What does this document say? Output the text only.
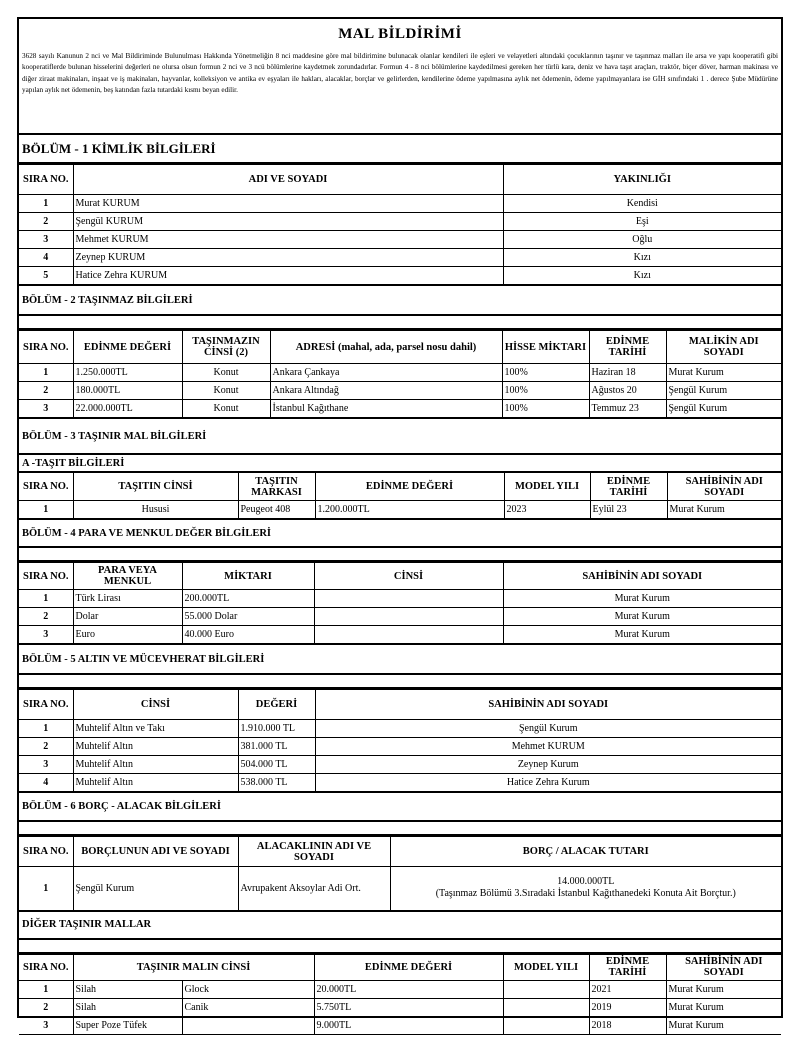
MAL BİLDİRİMİ
3628 sayılı Kanunun 2 nci ve Mal Bildiriminde Bulunulması Hakkında Yönetmeliğin 8 nci maddesine göre mal bildirimine bulunacak olanlar kendileri ile eşleri ve velayetleri altındaki çocuklarının taşınır ve taşınmaz malları ile arsa ve yapı kooperatifi gibi kooperatiflerde bulunan hisselerini değerleri ne olursa olsun formun 2 nci ve 3 ncü bölümlerine kaydetmek zorundadırlar. Formun 4 - 8 nci bölümlerine kaydedilmesi gereken her türlü kara, deniz ve hava taşıt araçları, traktör, biçer döver, harman makinası ve diğer ziraat makinaları, inşaat ve iş makinaları, hayvanlar, kolleksiyon ve antika ev eşyaları ile hakları, alacaklar, borçlar ve gelirlerden, kendilerine ödeme yapılmasına aylık net ödemenin, ödeme yapılmayanlara ise GİH sınıfındaki 1 . derece Şube Müdürüne yapılan aylık net ödemenin, beş katından fazla tutardaki kısmı beyan edilir.
BÖLÜM - 1 KİMLİK BİLGİLERİ
SIRA NO.	ADI VE SOYADI	YAKINLIĞI
1	Murat KURUM	Kendisi
2	Şengül KURUM	Eşi
3	Mehmet KURUM	Oğlu
4	Zeynep KURUM	Kızı
5	Hatice Zehra KURUM	Kızı
BÖLÜM - 2 TAŞINMAZ BİLGİLERİ
SIRA NO.	EDİNME DEĞERİ	TAŞINMAZIN CİNSİ (2)	ADRESİ (mahal, ada, parsel nosu dahil)	HİSSE MİKTARI	EDİNME TARİHİ	MALİKİN ADI SOYADI
1	1.250.000TL	Konut	Ankara Çankaya	100%	Haziran 18	Murat Kurum
2	180.000TL	Konut	Ankara Altındağ	100%	Ağustos 20	Şengül Kurum
3	22.000.000TL	Konut	İstanbul Kağıthane	100%	Temmuz 23	Şengül Kurum
BÖLÜM - 3 TAŞINIR MAL BİLGİLERİ
A -TAŞIT BİLGİLERİ
SIRA NO.	TAŞITIN CİNSİ	TAŞITIN MARKASI	EDİNME DEĞERİ	MODEL YILI	EDİNME TARİHİ	SAHİBİNİN ADI SOYADI
1	Hususi	Peugeot 408	1.200.000TL	2023	Eylül 23	Murat Kurum
BÖLÜM - 4 PARA VE MENKUL DEĞER BİLGİLERİ
SIRA NO.	PARA VEYA MENKUL	MİKTARI	CİNSİ	SAHİBİNİN ADI SOYADI
1	Türk Lirası	200.000TL		Murat Kurum
2	Dolar	55.000 Dolar		Murat Kurum
3	Euro	40.000 Euro		Murat Kurum
BÖLÜM - 5 ALTIN VE MÜCEVHERAT BİLGİLERİ
SIRA NO.	CİNSİ	DEĞERİ	SAHİBİNİN ADI SOYADI
1	Muhtelif Altın ve Takı	1.910.000 TL	Şengül Kurum
2	Muhtelif Altın	381.000 TL	Mehmet KURUM
3	Muhtelif Altın	504.000 TL	Zeynep Kurum
4	Muhtelif Altın	538.000 TL	Hatice Zehra Kurum
BÖLÜM - 6 BORÇ - ALACAK BİLGİLERİ
SIRA NO.	BORÇLUNUN ADI VE SOYADI	ALACAKLININ ADI VE SOYADI	BORÇ / ALACAK TUTARI
1	Şengül Kurum	Avrupakent Aksoylar Adi Ort.	14.000.000TL
(Taşınmaz Bölümü 3.Sıradaki İstanbul Kağıthanedeki Konuta Ait Borçtur.)
DİĞER TAŞINIR MALLAR
SIRA NO.	TAŞINIR MALIN CİNSİ		EDİNME DEĞERİ	MODEL YILI	EDİNME TARİHİ	SAHİBİNİN ADI SOYADI
1	Silah	Glock	20.000TL		2021	Murat Kurum
2	Silah	Canik	5.750TL		2019	Murat Kurum
3	Super Poze Tüfek		9.000TL		2018	Murat Kurum
